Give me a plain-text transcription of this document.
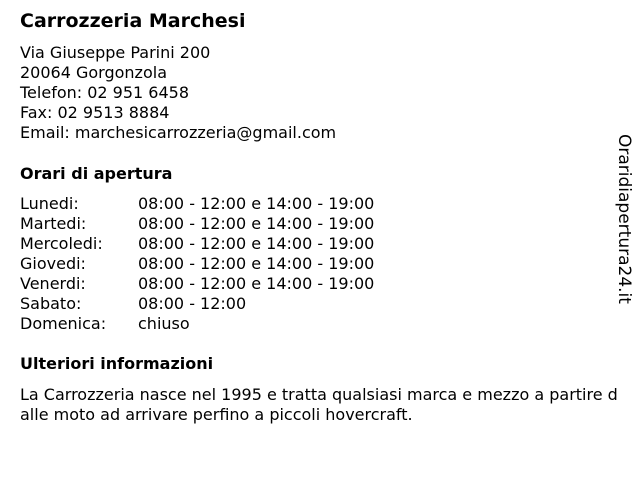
Carrozzeria Marchesi
Via Giuseppe Parini 200
20064 Gorgonzola
Telefon: 02 951 6458
Fax: 02 9513 8884
Email: marchesicarrozzeria@gmail.com
Orari di apertura
Lunedi:	08:00 - 12:00 e 14:00 - 19:00
Martedi:	08:00 - 12:00 e 14:00 - 19:00
Mercoledi: 08:00 - 12:00 e 14:00 - 19:00
Giovedi:	08:00 - 12:00 e 14:00 - 19:00
Venerdi:	08:00 - 12:00 e 14:00 - 19:00
Sabato:	08:00 - 12:00
Domenica: chiuso
Ulteriori informazioni
La Carrozzeria nasce nel 1995 e tratta qualsiasi marca e mezzo a partire dalle moto ad arrivare perfino a piccoli hovercraft.
Oraridiapertura24.it
